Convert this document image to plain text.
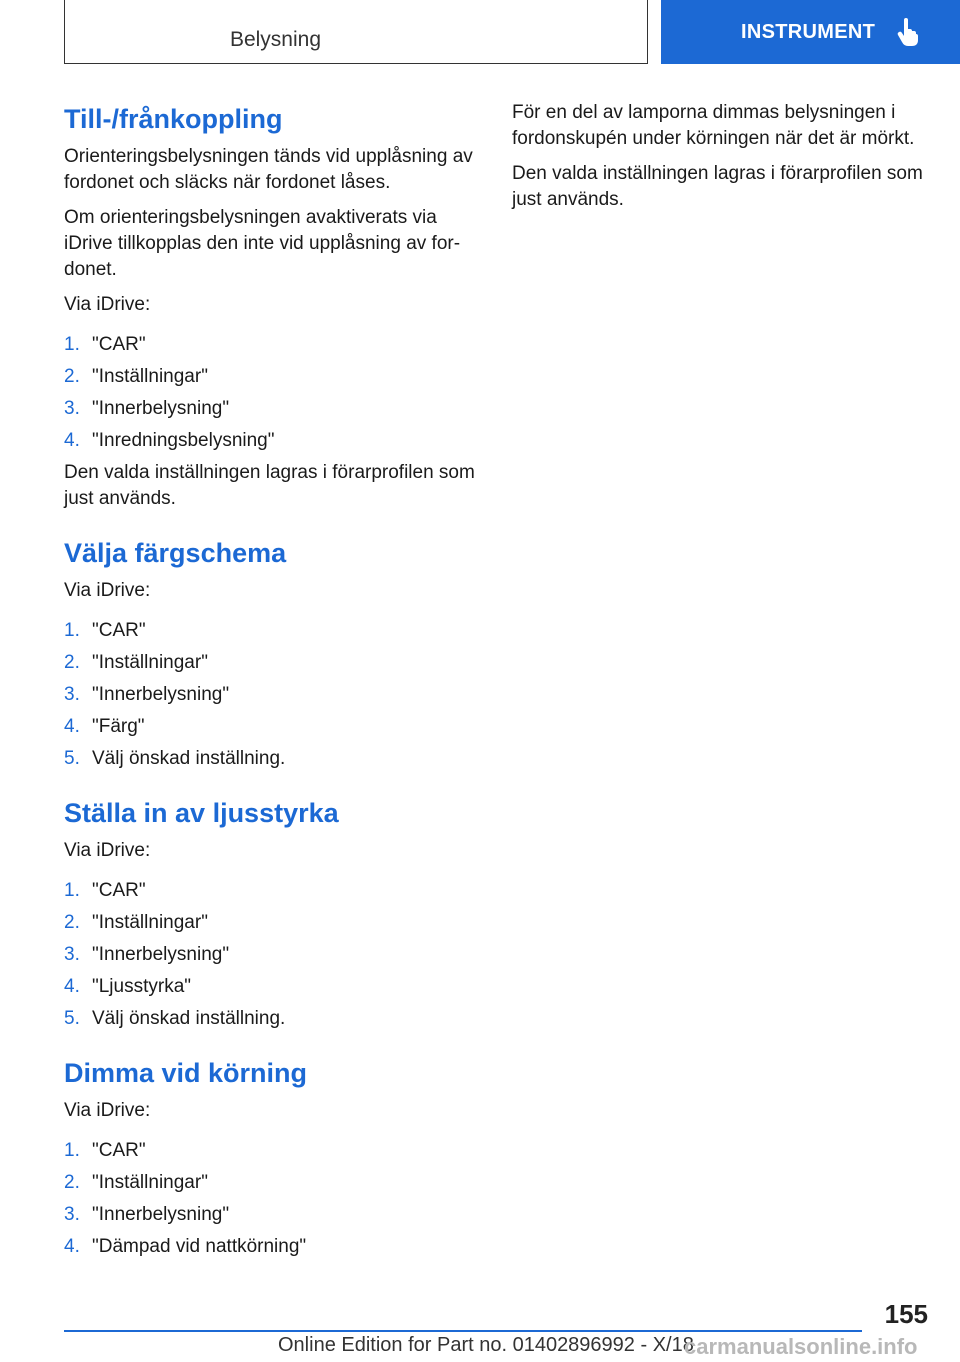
Belysning	INSTRUMENT
Till-/frånkoppling

Orienteringsbelysningen tänds vid upplåsning av fordonet och släcks när fordonet låses.

Om orienteringsbelysningen avaktiverats via iDrive tillkopplas den inte vid upplåsning av fordonet.

Via iDrive:

1. "CAR"
2. "Inställningar"
3. "Innerbelysning"
4. "Inredningsbelysning"

Den valda inställningen lagras i förarprofilen som just används.

Välja färgschema

Via iDrive:

1. "CAR"
2. "Inställningar"
3. "Innerbelysning"
4. "Färg"
5. Välj önskad inställning.
Ställa in av ljusstyrka

Via iDrive:

1. "CAR"
2. "Inställningar"
3. "Innerbelysning"
4. "Ljusstyrka"
5. Välj önskad inställning.
Dimma vid körning

Via iDrive:

1. "CAR"
2. "Inställningar"
3. "Innerbelysning"
4. "Dämpad vid nattkörning"

För en del av lamporna dimmas belysningen i fordonskupén under körningen när det är mörkt.

Den valda inställningen lagras i förarprofilen som just används.

155
Online Edition for Part no. 01402896992 - X/18
carmanualsonline.info
